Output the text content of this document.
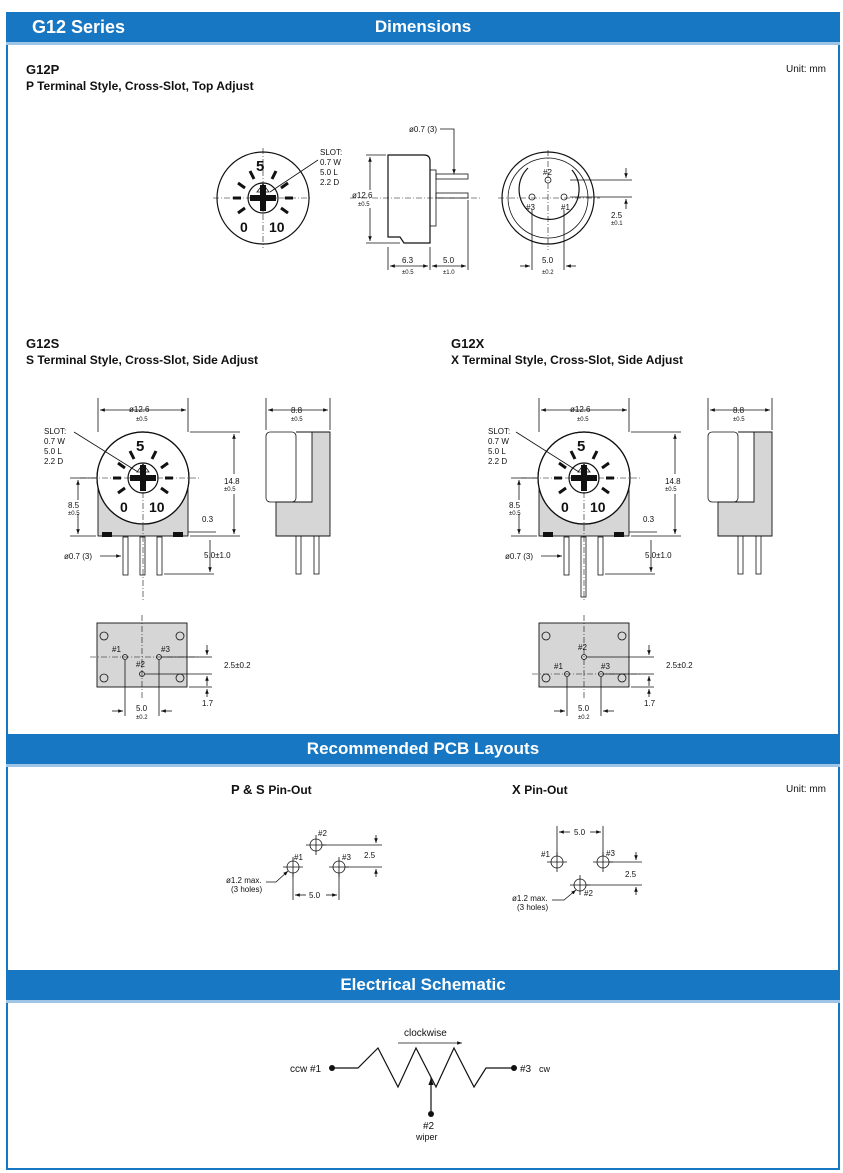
G12 Series	Dimensions
G12P
P Terminal Style, Cross-Slot, Top Adjust
Unit: mm
G12S
S Terminal Style, Cross-Slot, Side Adjust
G12X
X Terminal Style, Cross-Slot, Side Adjust
Recommended PCB Layouts
P & S Pin-Out	X Pin-Out	Unit: mm
Electrical Schematic
5
0 10
SLOT:
0.7 W
5.0 L
2.2 D
6.3
±0.5
5.0
±1.0
ø12.6
±0.5
ø0.7 (3)
#2
#3	#1
2.5
±0.1
5.0
±0.2
5
0 10
ø12.6
±0.5
SLOT:
0.7 W
5.0 L
2.2 D
8.5
±0.5
14.8
±0.5
0.3
ø0.7 (3)	5.0±1.0
8.8
±0.5
#1	#3
#2	2.5±0.2
1.7
5.0
±0.2
5
0 10
ø12.6
±0.5
SLOT:
0.7 W
5.0 L
2.2 D
8.5
±0.5
14.8
±0.5
0.3
ø0.7 (3)	5.0±1.0
8.8
±0.5
#1	#3
#2
2.5±0.2
1.7
5.0
±0.2
#2
#1	#3 2.5
5.0
ø1.2 max.
(3 holes)
#1	#3
#2
5.0
2.5
ø1.2 max.
(3 holes)
clockwise
ccw #1	#3 cw
#2
wiper
